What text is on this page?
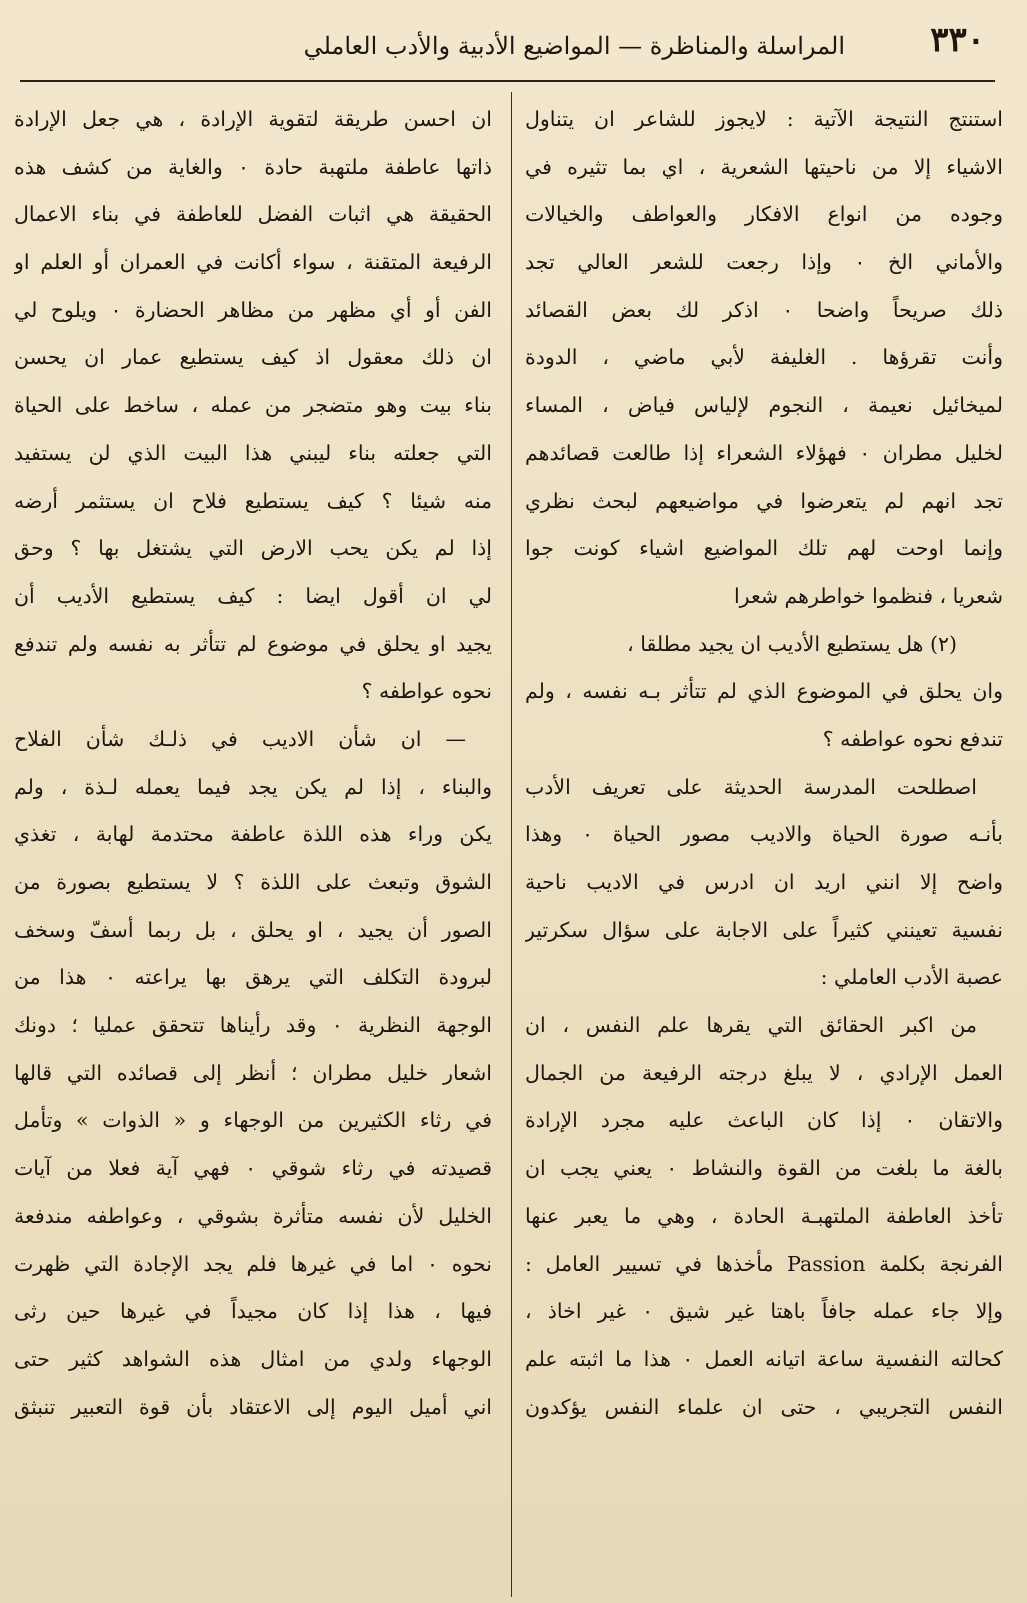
٣٣٠
المراسلة والمناظرة — المواضيع الأدبية والأدب العاملي
استنتج النتيجة الآتية : لايجوز للشاعر ان يتناول
الاشياء إلا من ناحيتها الشعرية ، اي بما تثيره في
وجوده من انواع الافكار والعواطف والخيالات
والأماني الخ ٠ وإذا رجعت للشعر العالي تجد
ذلك صريحاً واضحا ٠ اذكر لك بعض القصائد
وأنت تقرؤها . الغليفة لأبي ماضي ، الدودة
لميخائيل نعيمة ، النجوم لإلياس فياض ، المساء
لخليل مطران ٠ فهؤلاء الشعراء إذا طالعت قصائدهم
تجد انهم لم يتعرضوا في مواضيعهم لبحث نظري
وإنما اوحت لهم تلك المواضيع اشياء كونت جوا
شعريا ، فنظموا خواطرهم شعرا
(٢) هل يستطيع الأديب ان يجيد مطلقا ،
وان يحلق في الموضوع الذي لم تتأثر بـه نفسه ، ولم
تندفع نحوه عواطفه ؟
اصطلحت المدرسة الحديثة على تعريف الأدب
بأنـه صورة الحياة والاديب مصور الحياة ٠ وهذا
واضح إلا انني اريد ان ادرس في الاديب ناحية
نفسية تعينني كثيراً على الاجابة على سؤال سكرتير
عصبة الأدب العاملي :
من اكبر الحقائق التي يقرها علم النفس ، ان
العمل الإرادي ، لا يبلغ درجته الرفيعة من الجمال
والاتقان ٠ إذا كان الباعث عليه مجرد الإرادة
بالغة ما بلغت من القوة والنشاط ٠ يعني يجب ان
تأخذ العاطفة الملتهبـة الحادة ، وهي ما يعبر عنها
الفرنجة بكلمة Passion مأخذها في تسيير العامل :
وإلا جاء عمله جافاً باهتا غير شيق ٠ غير اخاذ ،
كحالته النفسية ساعة اتيانه العمل ٠ هذا ما اثبته علم
النفس التجريبي ، حتى ان علماء النفس يؤكدون
ان احسن طريقة لتقوية الإرادة ، هي جعل الإرادة
ذاتها عاطفة ملتهبة حادة ٠ والغاية من كشف هذه
الحقيقة هي اثبات الفضل للعاطفة في بناء الاعمال
الرفيعة المتقنة ، سواء أكانت في العمران أو العلم او
الفن أو أي مظهر من مظاهر الحضارة ٠ ويلوح لي
ان ذلك معقول اذ كيف يستطيع عمار ان يحسن
بناء بيت وهو متضجر من عمله ، ساخط على الحياة
التي جعلته بناء ليبني هذا البيت الذي لن يستفيد
منه شيئا ؟ كيف يستطيع فلاح ان يستثمر أرضه
إذا لم يكن يحب الارض التي يشتغل بها ؟ وحق
لي ان أقول ايضا : كيف يستطيع الأديب أن
يجيد او يحلق في موضوع لم تتأثر به نفسه ولم تندفع
نحوه عواطفه ؟
— ان شأن الاديب في ذلـك شأن الفلاح
والبناء ، إذا لم يكن يجد فيما يعمله لـذة ، ولم
يكن وراء هذه اللذة عاطفة محتدمة لهابة ، تغذي
الشوق وتبعث على اللذة ؟ لا يستطيع بصورة من
الصور أن يجيد ، او يحلق ، بل ربما أسفّ وسخف
لبرودة التكلف التي يرهق بها يراعته ٠ هذا من
الوجهة النظرية ٠ وقد رأيناها تتحقق عمليا ؛ دونك
اشعار خليل مطران ؛ أنظر إلى قصائده التي قالها
في رثاء الكثيرين من الوجهاء و « الذوات » وتأمل
قصيدته في رثاء شوقي ٠ فهي آية فعلا من آيات
الخليل لأن نفسه متأثرة بشوقي ، وعواطفه مندفعة
نحوه ٠ اما في غيرها فلم يجد الإجادة التي ظهرت
فيها ، هذا إذا كان مجيداً في غيرها حين رثى
الوجهاء ولدي من امثال هذه الشواهد كثير حتى
اني أميل اليوم إلى الاعتقاد بأن قوة التعبير تنبثق
